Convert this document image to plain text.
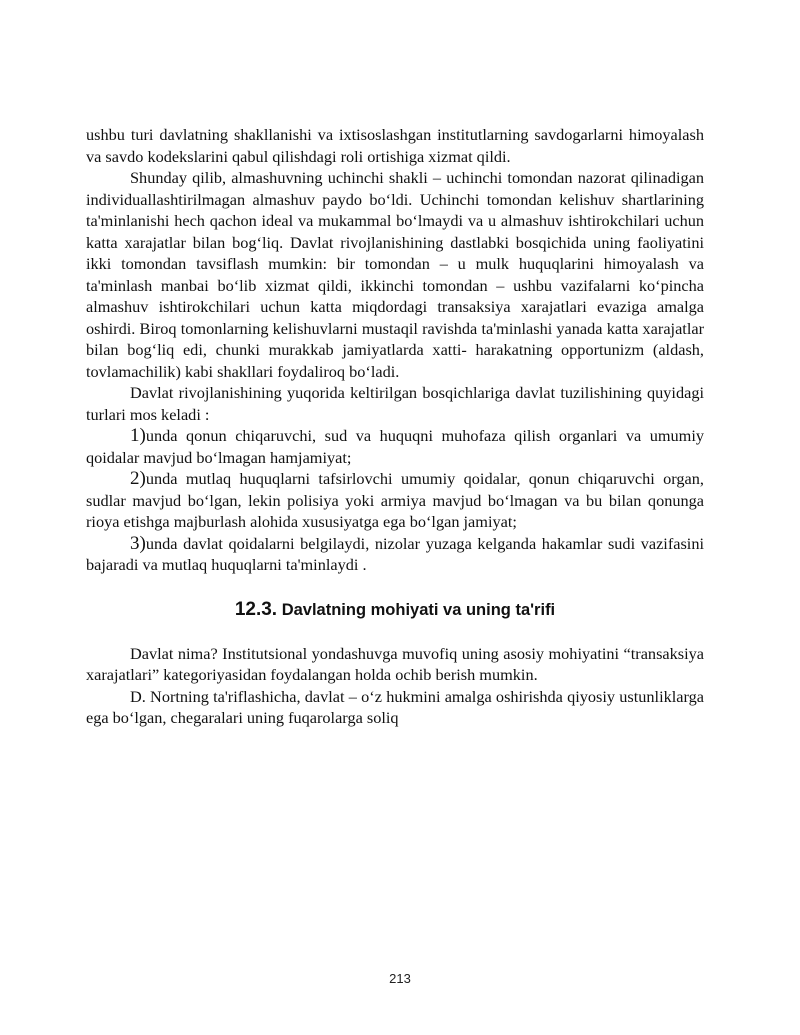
ushbu turi davlatning shakllanishi va ixtisoslashgan institutlarning savdogarlarni himoyalash va savdo kodekslarini qabul qilishdagi roli ortishiga xizmat qildi.

Shunday qilib, almashuvning uchinchi shakli – uchinchi tomondan nazorat qilinadigan individuallashtirilmagan almashuv paydo bo‘ldi. Uchinchi tomondan kelishuv shartlarining ta'minlanishi hech qachon ideal va mukammal bo‘lmaydi va u almashuv ishtirokchilari uchun katta xarajatlar bilan bog‘liq. Davlat rivojlanishining dastlabki bosqichida uning faoliyatini ikki tomondan tavsiflash mumkin: bir tomondan – u mulk huquqlarini himoyalash va ta'minlash manbai bo‘lib xizmat qildi, ikkinchi tomondan – ushbu vazifalarni ko‘pincha almashuv ishtirokchilari uchun katta miqdordagi transaksiya xarajatlari evaziga amalga oshirdi. Biroq tomonlarning kelishuvlarni mustaqil ravishda ta'minlashi yanada katta xarajatlar bilan bog‘liq edi, chunki murakkab jamiyatlarda xatti- harakatning opportunizm (aldash, tovlamachilik) kabi shakllari foydaliroq bo‘ladi.

Davlat rivojlanishining yuqorida keltirilgan bosqichlariga davlat tuzilishining quyidagi turlari mos keladi :

1)unda qonun chiqaruvchi, sud va huquqni muhofaza qilish organlari va umumiy qoidalar mavjud bo‘lmagan hamjamiyat;

2)unda mutlaq huquqlarni tafsirlovchi umumiy qoidalar, qonun chiqaruvchi organ, sudlar mavjud bo‘lgan, lekin polisiya yoki armiya mavjud bo‘lmagan va bu bilan qonunga rioya etishga majburlash alohida xususiyatga ega bo‘lgan jamiyat;

3)unda davlat qoidalarni belgilaydi, nizolar yuzaga kelganda hakamlar sudi vazifasini bajaradi va mutlaq huquqlarni ta'minlaydi .

12.3. Davlatning mohiyati va uning ta'rifi

Davlat nima? Institutsional yondashuvga muvofiq uning asosiy mohiyatini “transaksiya xarajatlari” kategoriyasidan foydalangan holda ochib berish mumkin.

D. Nortning ta'riflashicha, davlat – o‘z hukmini amalga oshirishda qiyosiy ustunliklarga ega bo‘lgan, chegaralari uning fuqarolarga soliq

213
